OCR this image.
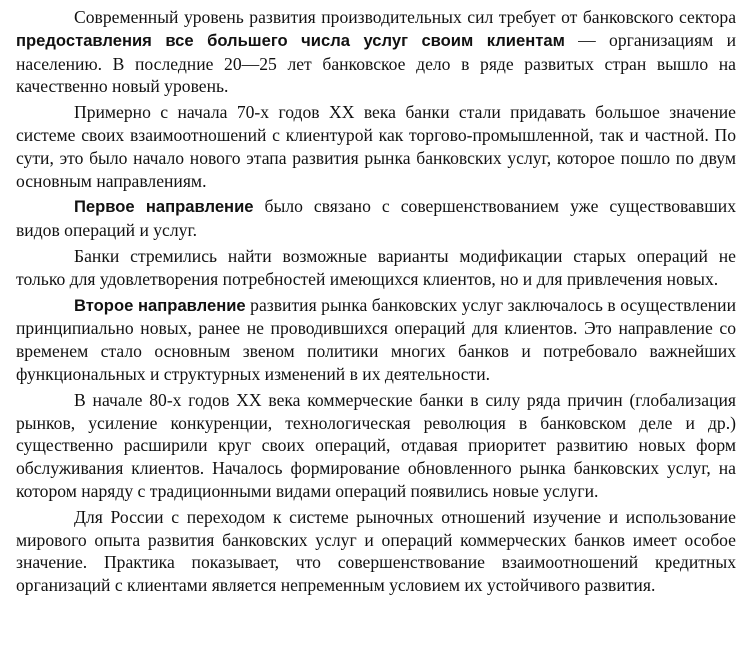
Современный уровень развития производительных сил требует от банковского сектора предоставления все большего числа услуг своим клиентам — организациям и населению. В последние 20—25 лет банковское дело в ряде развитых стран вышло на качественно новый уровень.

Примерно с начала 70-х годов XX века банки стали придавать большое значение системе своих взаимоотношений с клиентурой как торгово-промышленной, так и частной. По сути, это было начало нового этапа развития рынка банковских услуг, которое пошло по двум основным направлениям.

Первое направление было связано с совершенствованием уже существовавших видов операций и услуг.

Банки стремились найти возможные варианты модификации старых операций не только для удовлетворения потребностей имеющихся клиентов, но и для привлечения новых.

Второе направление развития рынка банковских услуг заключалось в осуществлении принципиально новых, ранее не проводившихся операций для клиентов. Это направление со временем стало основным звеном политики многих банков и потребовало важнейших функциональных и структурных изменений в их деятельности.

В начале 80-х годов XX века коммерческие банки в силу ряда причин (глобализация рынков, усиление конкуренции, технологическая революция в банковском деле и др.) существенно расширили круг своих операций, отдавая приоритет развитию новых форм обслуживания клиентов. Началось формирование обновленного рынка банковских услуг, на котором наряду с традиционными видами операций появились новые услуги.

Для России с переходом к системе рыночных отношений изучение и использование мирового опыта развития банковских услуг и операций коммерческих банков имеет особое значение. Практика показывает, что совершенствование взаимоотношений кредитных организаций с клиентами является непременным условием их устойчивого развития.
